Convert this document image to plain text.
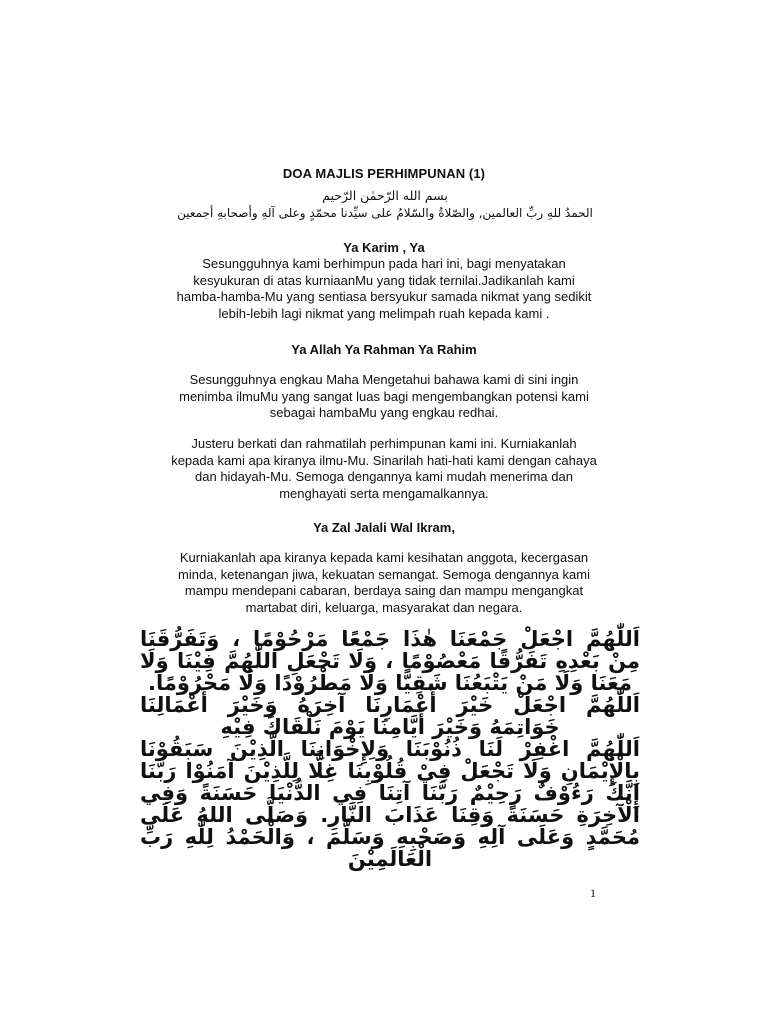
DOA MAJLIS PERHIMPUNAN (1)
بسم الله الرّحمٰن الرّحيم
الحمدُ للهِ ربِّ العالمين, والصّلاةُ والسّلامُ على سيِّدنا محمّدٍ وعلى آلهِ وأصحابهِ أجمعين
Ya Karim , Ya
Sesungguhnya kami berhimpun pada hari ini, bagi menyatakan kesyukuran di atas kurniaanMu yang tidak ternilai.Jadikanlah kami hamba-hamba-Mu yang sentiasa bersyukur samada nikmat yang sedikit lebih-lebih lagi nikmat yang melimpah ruah kepada kami .
Ya Allah Ya Rahman Ya Rahim
Sesungguhnya engkau Maha Mengetahui bahawa kami di sini ingin menimba ilmuMu yang sangat luas bagi mengembangkan potensi kami sebagai hambaMu yang engkau redhai.
Justeru berkati dan rahmatilah perhimpunan kami ini. Kurniakanlah kepada kami apa kiranya ilmu-Mu. Sinarilah hati-hati kami dengan cahaya dan hidayah-Mu. Semoga dengannya kami mudah menerima dan menghayati serta mengamalkannya.
Ya Zal Jalali Wal Ikram,
Kurniakanlah apa kiranya kepada kami kesihatan anggota, kecergasan minda, ketenangan jiwa, kekuatan semangat. Semoga dengannya kami mampu mendepani cabaran, berdaya saing dan mampu mengangkat martabat diri, keluarga, masyarakat dan negara.

اَللّٰهُمَّ اجْعَلْ جَمْعَنَا هٰذَا جَمْعًا مَرْحُوْمًا ، وَتَفَرُّقَنَا مِنْ بَعْدِهِ تَفَرُّقًا مَعْصُوْمًا ، وَلَا تَجْعَلِ اللّٰهُمَّ فِيْنَا وَلَا مَعَنَا وَلَا مَنْ يَتْبَعُنَا شَقِيًّا وَلَا مَطْرُوْدًا وَلَا مَحْرُوْمًا.

اَللّٰهُمَّ اجْعَلْ خَيْرَ أَعْمَارِنَا آخِرَهُ وَخَيْرَ أَعْمَالِنَا خَوَاتِمَهُ وَخَيْرَ أَيَّامِنَا يَوْمَ نَلْقَاكَ فِيْهِ

اَللّٰهُمَّ اغْفِرْ لَنَا ذُنُوْبَنَا وَلِإِخْوَانِنَا الَّذِيْنَ سَبَقُوْنَا بِالْإِيْمَانِ وَلَا تَجْعَلْ فِيْ قُلُوْبِنَا غِلًّا لِلَّذِيْنَ آمَنُوْا رَبَّنَا إِنَّكَ رَءُوْفٌ رَحِيْمٌ رَبَّنَا آتِنَا فِي الدُّنْيَا حَسَنَةً وَفِي الْآخِرَةِ حَسَنَةً وَقِنَا عَذَابَ النَّارِ. وَصَلَّى اللهُ عَلَى مُحَمَّدٍ وَعَلَى آلِهِ وَصَحْبِهِ وَسَلَّمَ ، وَالْحَمْدُ لِلّٰهِ رَبِّ الْعَالَمِيْنَ

1
